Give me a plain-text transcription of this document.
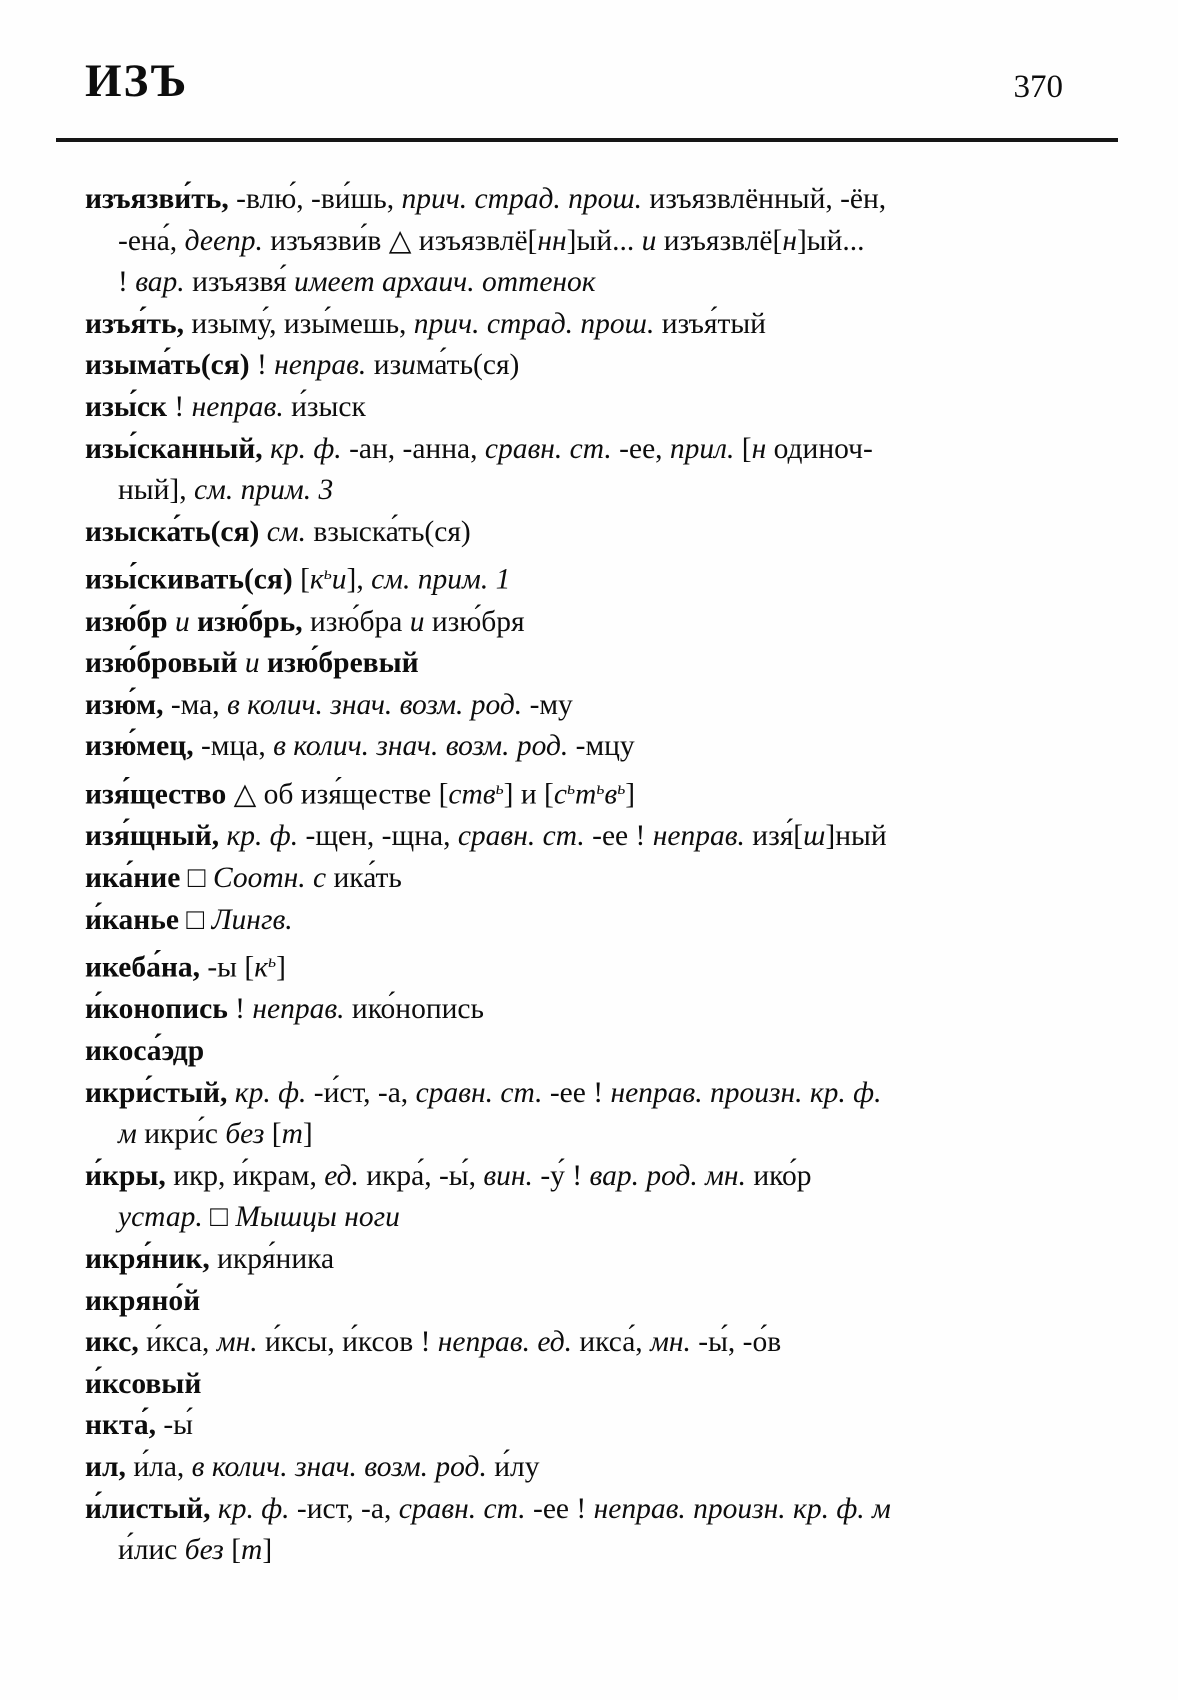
ИЗЪ	370
изъязви́ть, -влю́, -ви́шь, прич. страд. прош. изъязвлённый, -ён,
-ена́, деепр. изъязви́в △ изъязвлё[нн]ый... и изъязвлё[н]ый...
! вар. изъязвя́ имеет архаич. оттенок
изъя́ть, изыму́, изы́мешь, прич. страд. прош. изъя́тый
изыма́ть(ся) ! неправ. изима́ть(ся)
изы́ск ! неправ. и́зыск
изы́сканный, кр. ф. -ан, -анна, сравн. ст. -ее, прил. [н одиноч-
ный], см. прим. 3
изыска́ть(ся) см. взыска́ть(ся)
изы́скивать(ся) $[к^ьи]$, см. прим. 1
изю́бр и изю́брь, изю́бра и изю́бря
изю́бровый и изю́бревый
изю́м, -ма, в колич. знач. возм. род. -му
изю́мец, -мца, в колич. знач. возм. род. -мцу
изя́щество △ об изя́ществе [ств$^ь$] и $[с^ьт^ьв^ь]$
изя́щный, кр. ф. -щен, -щна, сравн. ст. -ее ! неправ. изя́[ш]ный
ика́ние □ Соотн. с ика́ть
и́канье □ Лингв.
икеба́на, -ы $[к^ь]$
и́конопись ! неправ. ико́нопись
икоса́эдр
икри́стый, кр. ф. -и́ст, -а, сравн. ст. -ее ! неправ. произн. кр. ф.
м икри́с без [т]
и́кры, икр, и́крам, ед. икра́, -ы́, вин. -у́ ! вар. род. мн. ико́р
устар. □ Мышцы ноги
икря́ник, икря́ника
икряно́й
икс, и́кса, мн. и́ксы, и́ксов ! неправ. ед. икса́, мн. -ы́, -о́в
и́ксовый
нкта́, -ы́
ил, и́ла, в колич. знач. возм. род. и́лу
и́листый, кр. ф. -ист, -а, сравн. ст. -ее ! неправ. произн. кр. ф. м
и́лис без [т]
